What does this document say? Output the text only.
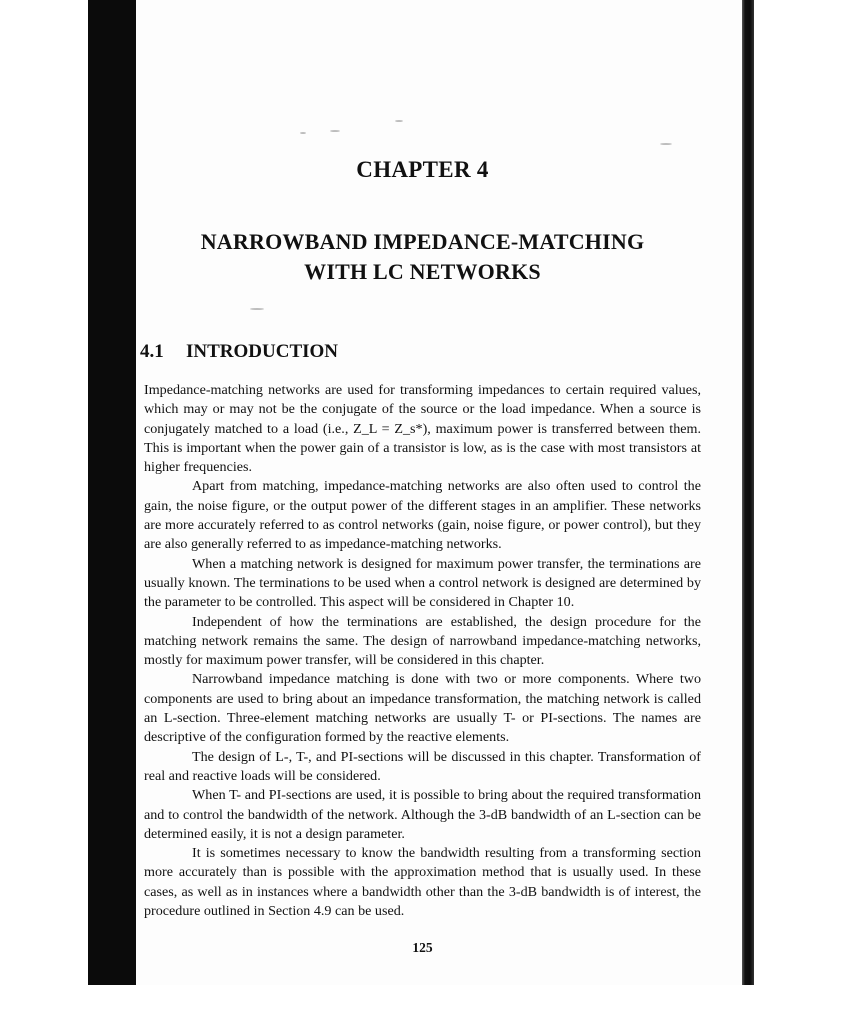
CHAPTER 4
NARROWBAND IMPEDANCE-MATCHING
WITH LC NETWORKS
4.1 INTRODUCTION

Impedance-matching networks are used for transforming impedances to certain required values, which may or may not be the conjugate of the source or the load impedance. When a source is conjugately matched to a load (i.e., Z_L = Z_s*), maximum power is transferred between them. This is important when the power gain of a transistor is low, as is the case with most transistors at higher frequencies.

Apart from matching, impedance-matching networks are also often used to control the gain, the noise figure, or the output power of the different stages in an amplifier. These networks are more accurately referred to as control networks (gain, noise figure, or power control), but they are also generally referred to as impedance-matching networks.

When a matching network is designed for maximum power transfer, the terminations are usually known. The terminations to be used when a control network is designed are determined by the parameter to be controlled. This aspect will be considered in Chapter 10.

Independent of how the terminations are established, the design procedure for the matching network remains the same. The design of narrowband impedance-matching networks, mostly for maximum power transfer, will be considered in this chapter.

Narrowband impedance matching is done with two or more components. Where two components are used to bring about an impedance transformation, the matching network is called an L-section. Three-element matching networks are usually T- or PI-sections. The names are descriptive of the configuration formed by the reactive elements.

The design of L-, T-, and PI-sections will be discussed in this chapter. Transformation of real and reactive loads will be considered.

When T- and PI-sections are used, it is possible to bring about the required transformation and to control the bandwidth of the network. Although the 3-dB bandwidth of an L-section can be determined easily, it is not a design parameter.

It is sometimes necessary to know the bandwidth resulting from a transforming section more accurately than is possible with the approximation method that is usually used. In these cases, as well as in instances where a bandwidth other than the 3-dB bandwidth is of interest, the procedure outlined in Section 4.9 can be used.

125
